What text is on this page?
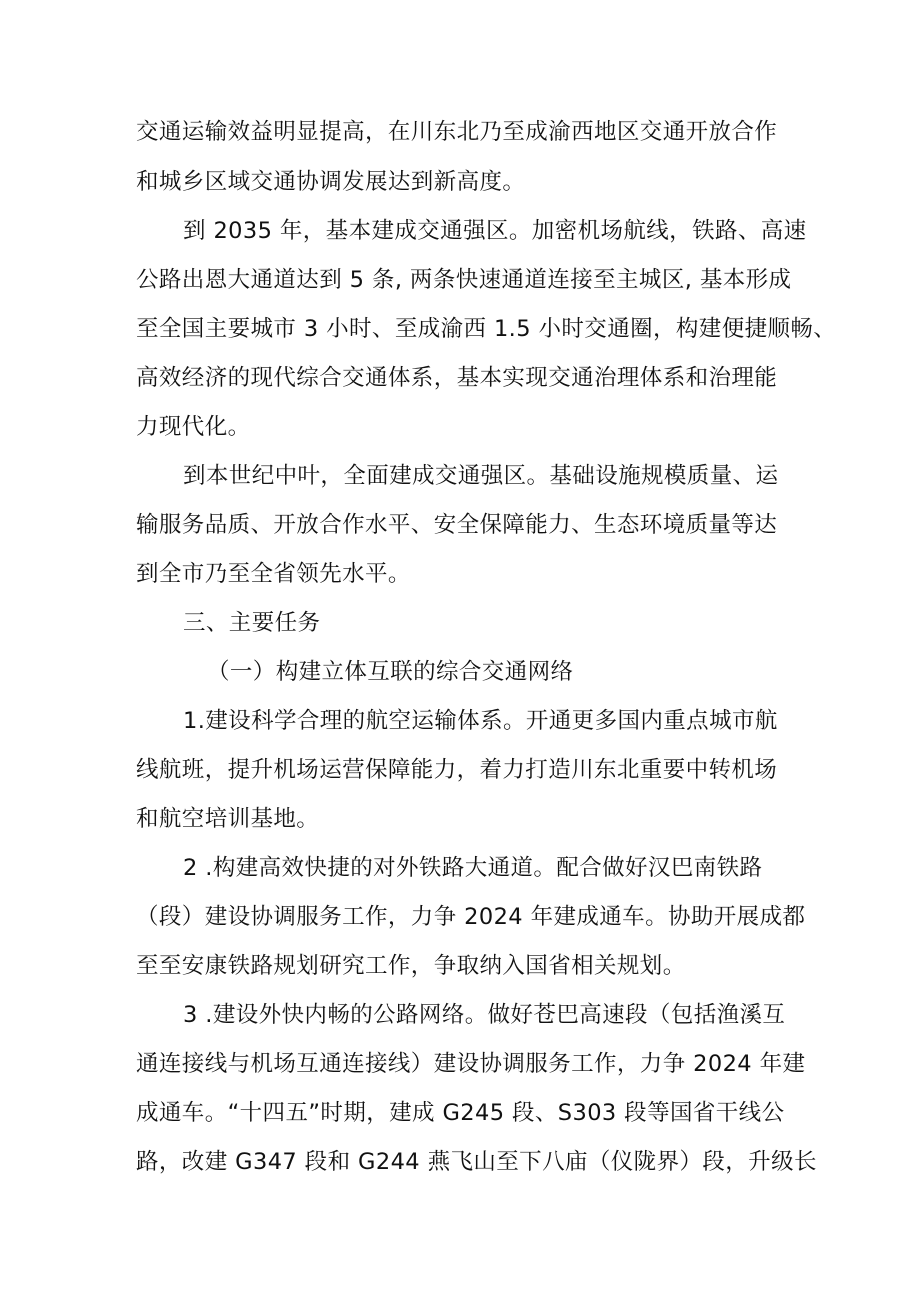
交通运输效益明显提高，在川东北乃至成渝西地区交通开放合作
和城乡区域交通协调发展达到新高度。
到 2035 年，基本建成交通强区。加密机场航线，铁路、高速
公路出恩大通道达到 5 条, 两条快速通道连接至主城区, 基本形成
至全国主要城市 3 小时、至成渝西 1.5 小时交通圈，构建便捷顺畅、
高效经济的现代综合交通体系，基本实现交通治理体系和治理能
力现代化。
到本世纪中叶，全面建成交通强区。基础设施规模质量、运
输服务品质、开放合作水平、安全保障能力、生态环境质量等达
到全市乃至全省领先水平。
三、主要任务
（一）构建立体互联的综合交通网络
1.建设科学合理的航空运输体系。开通更多国内重点城市航
线航班，提升机场运营保障能力，着力打造川东北重要中转机场
和航空培训基地。
2 .构建高效快捷的对外铁路大通道。配合做好汉巴南铁路
（段）建设协调服务工作，力争 2024 年建成通车。协助开展成都
至至安康铁路规划研究工作，争取纳入国省相关规划。
3 .建设外快内畅的公路网络。做好苍巴高速段（包括渔溪互
通连接线与机场互通连接线）建设协调服务工作，力争 2024 年建
成通车。“十四五”时期，建成 G245 段、S303 段等国省干线公
路，改建 G347 段和 G244 燕飞山至下八庙（仪陇界）段，升级长
